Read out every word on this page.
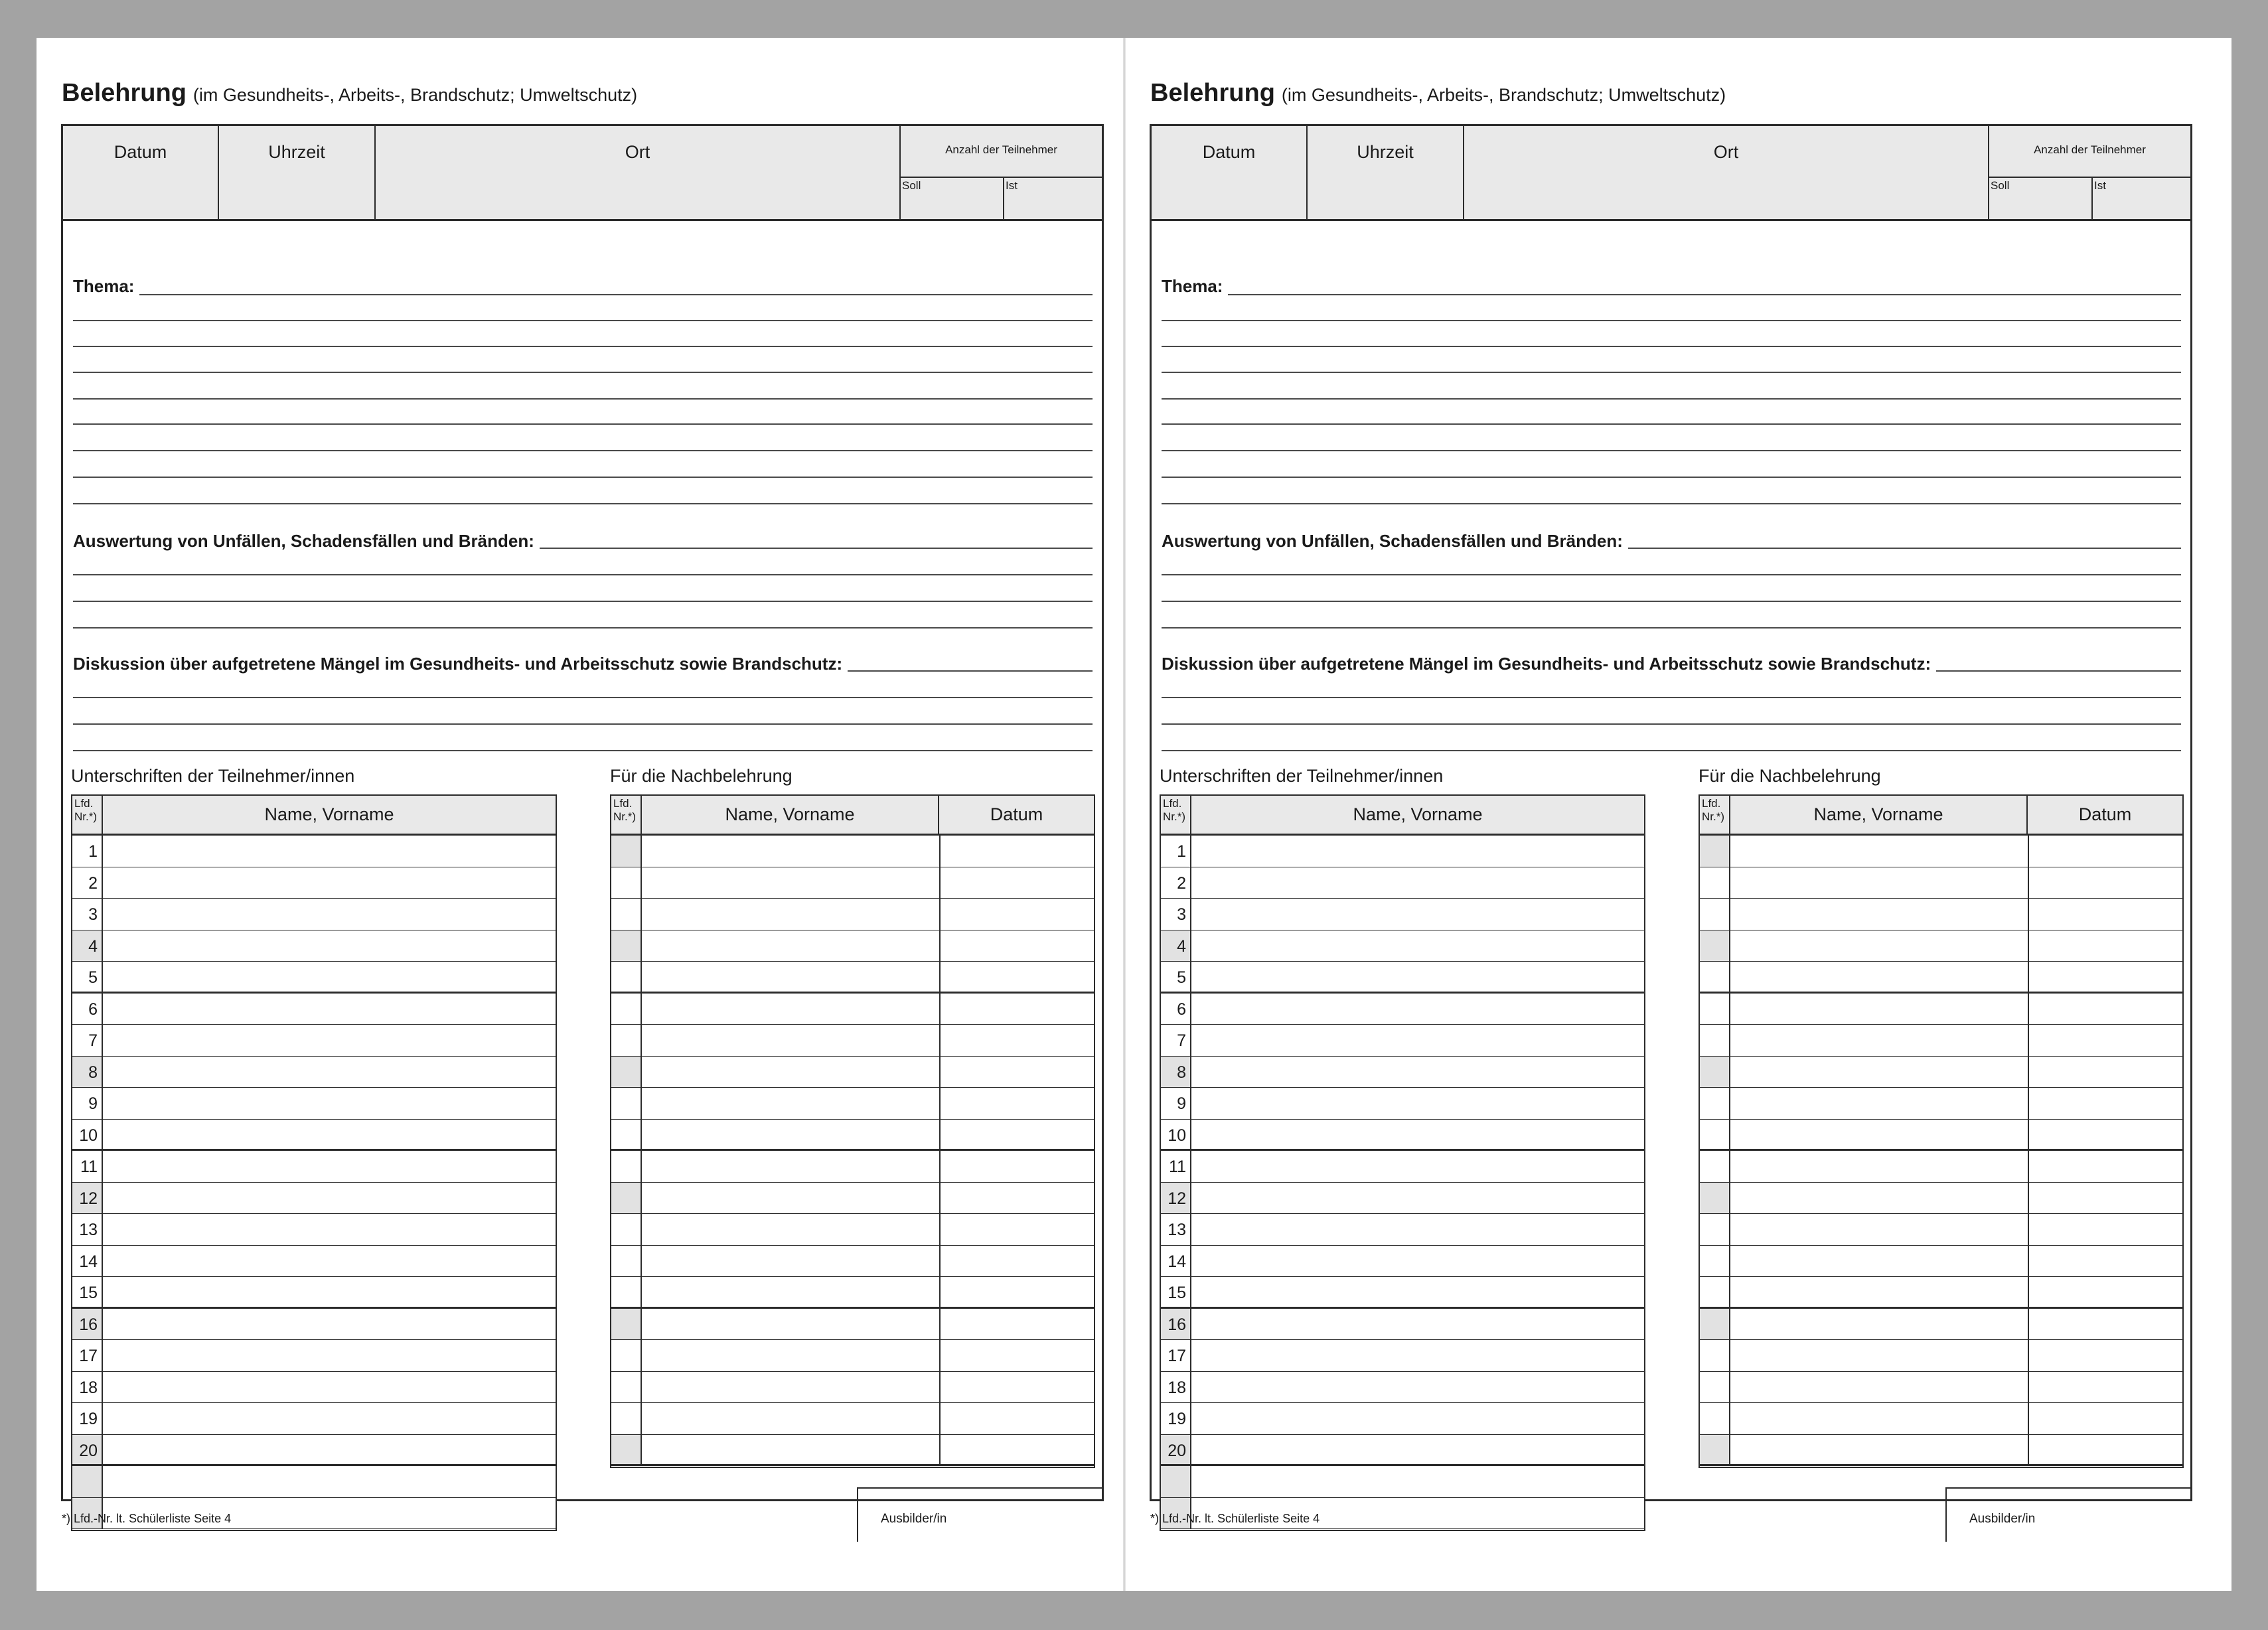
Belehrung (im Gesundheits-, Arbeits-, Brandschutz; Umweltschutz)
Datum	Uhrzeit	Ort	Anzahl der Teilnehmer
Soll	Ist
Thema:
Auswertung von Unfällen, Schadensfällen und Bränden:
Diskussion über aufgetretene Mängel im Gesundheits- und Arbeitsschutz sowie Brandschutz:
Unterschriften der Teilnehmer/innen
Lfd.
Nr.*)	Name, Vorname
1
2
3
4
5
6
7
8
9
10
11
12
13
14
15
16
17
18
19
20
Für die Nachbelehrung
Lfd.
Nr.*)	Name, Vorname	Datum
*) Lfd.-Nr. lt. Schülerliste Seite 4	Ausbilder/in
Belehrung (im Gesundheits-, Arbeits-, Brandschutz; Umweltschutz)
Datum	Uhrzeit	Ort	Anzahl der Teilnehmer
Soll	Ist
Thema:
Auswertung von Unfällen, Schadensfällen und Bränden:
Diskussion über aufgetretene Mängel im Gesundheits- und Arbeitsschutz sowie Brandschutz:
Unterschriften der Teilnehmer/innen
Lfd.
Nr.*)	Name, Vorname
1
2
3
4
5
6
7
8
9
10
11
12
13
14
15
16
17
18
19
20
Für die Nachbelehrung
Lfd.
Nr.*)	Name, Vorname	Datum
*) Lfd.-Nr. lt. Schülerliste Seite 4	Ausbilder/in
